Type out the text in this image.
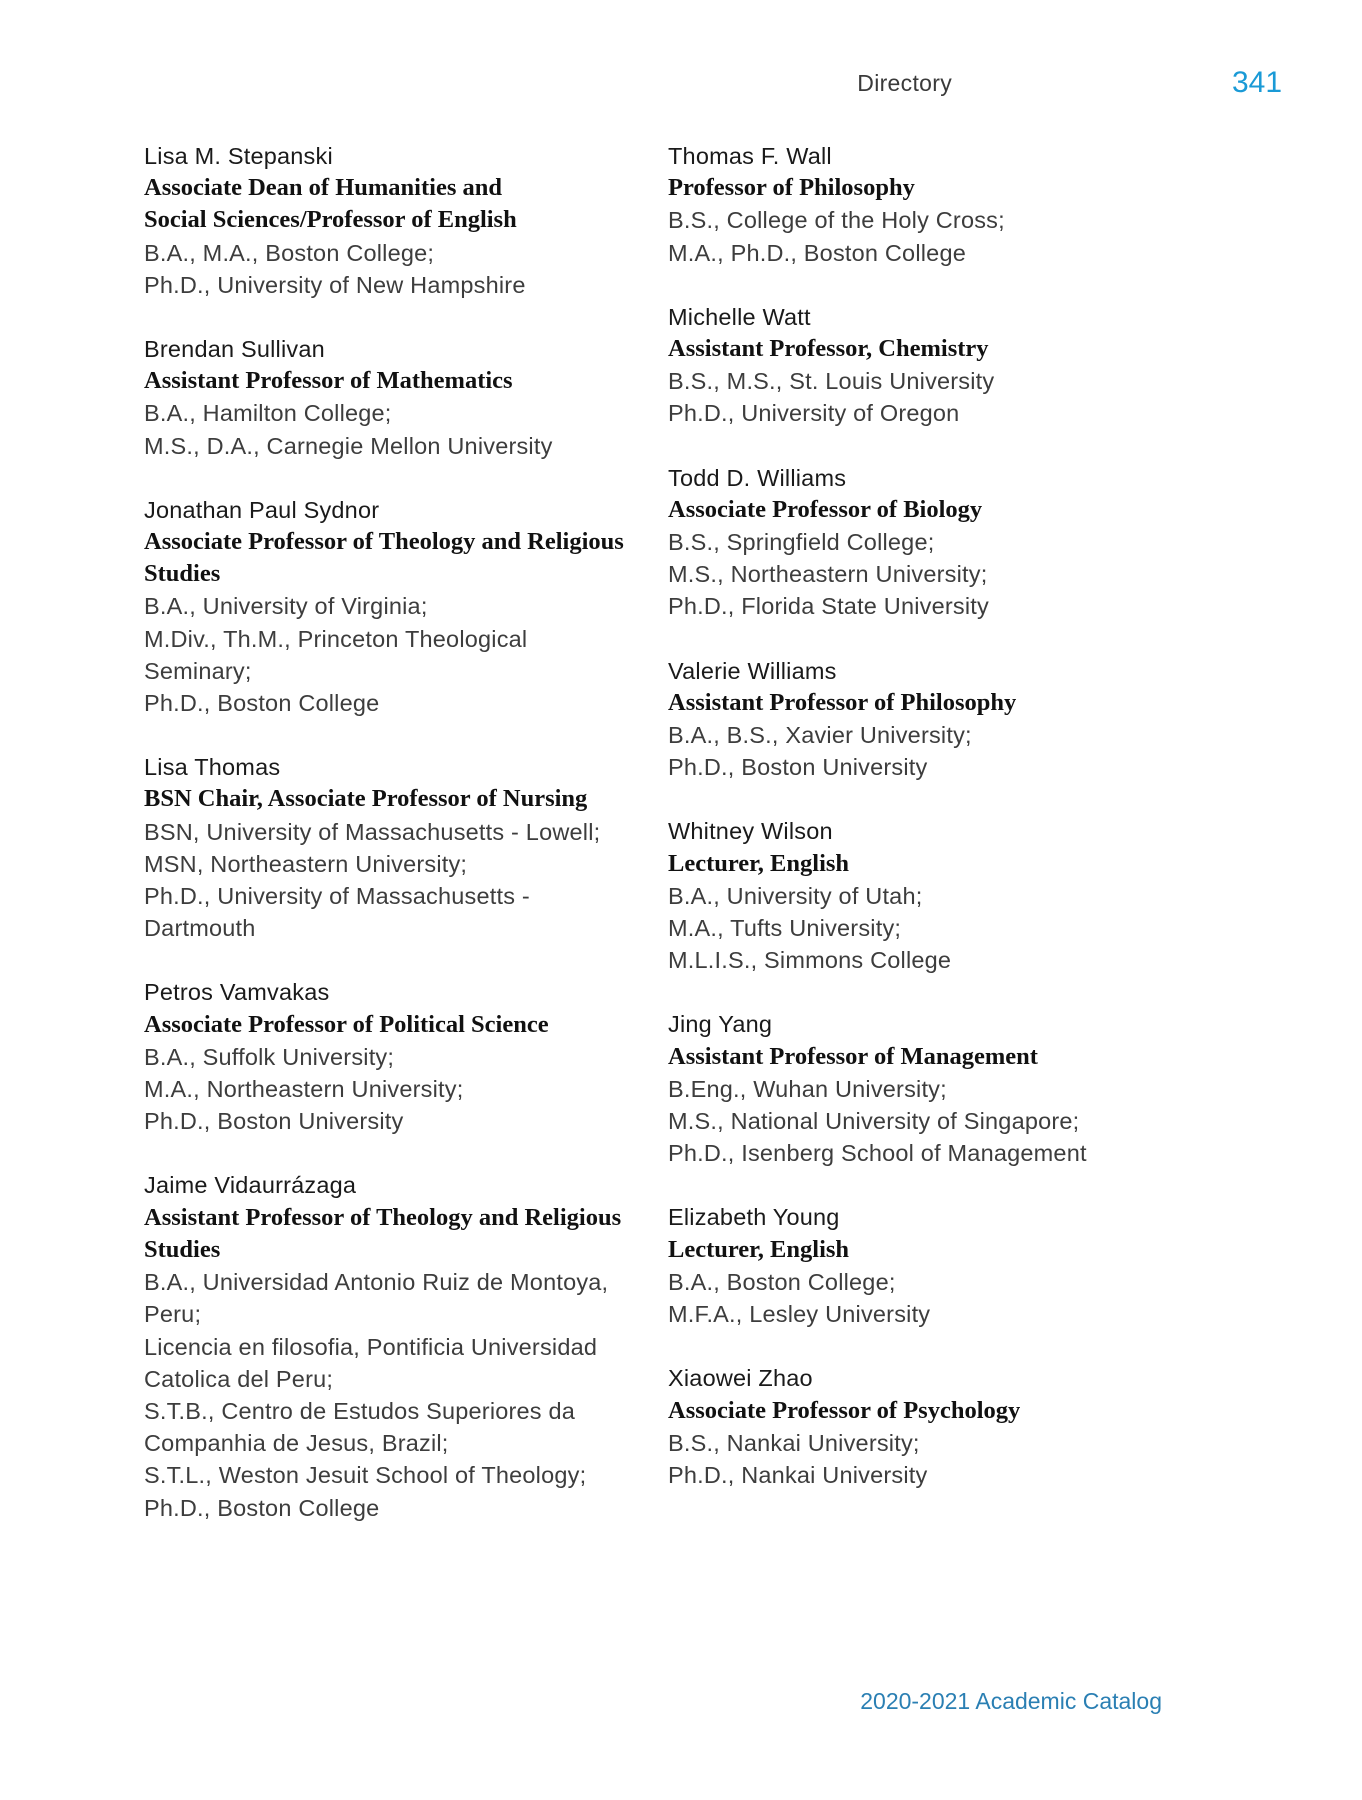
Directory	341
Lisa M. Stepanski
Associate Dean of Humanities and
Social Sciences/Professor of English
B.A., M.A., Boston College;
Ph.D., University of New Hampshire
Brendan Sullivan
Assistant Professor of Mathematics
B.A., Hamilton College;
M.S., D.A., Carnegie Mellon University
Jonathan Paul Sydnor
Associate Professor of Theology and Religious
Studies
B.A., University of Virginia;
M.Div., Th.M., Princeton Theological
Seminary;
Ph.D., Boston College
Lisa Thomas
BSN Chair, Associate Professor of Nursing
BSN, University of Massachusetts - Lowell;
MSN, Northeastern University;
Ph.D., University of Massachusetts -
Dartmouth
Petros Vamvakas
Associate Professor of Political Science
B.A., Suffolk University;
M.A., Northeastern University;
Ph.D., Boston University
Jaime Vidaurrázaga
Assistant Professor of Theology and Religious
Studies
B.A., Universidad Antonio Ruiz de Montoya,
Peru;
Licencia en filosofia, Pontificia Universidad
Catolica del Peru;
S.T.B., Centro de Estudos Superiores da
Companhia de Jesus, Brazil;
S.T.L., Weston Jesuit School of Theology;
Ph.D., Boston College
Thomas F. Wall
Professor of Philosophy
B.S., College of the Holy Cross;
M.A., Ph.D., Boston College
Michelle Watt
Assistant Professor, Chemistry
B.S., M.S., St. Louis University
Ph.D., University of Oregon
Todd D. Williams
Associate Professor of Biology
B.S., Springfield College;
M.S., Northeastern University;
Ph.D., Florida State University
Valerie Williams
Assistant Professor of Philosophy
B.A., B.S., Xavier University;
Ph.D., Boston University
Whitney Wilson
Lecturer, English
B.A., University of Utah;
M.A., Tufts University;
M.L.I.S., Simmons College
Jing Yang
Assistant Professor of Management
B.Eng., Wuhan University;
M.S., National University of Singapore;
Ph.D., Isenberg School of Management
Elizabeth Young
Lecturer, English
B.A., Boston College;
M.F.A., Lesley University
Xiaowei Zhao
Associate Professor of Psychology
B.S., Nankai University;
Ph.D., Nankai University
2020-2021 Academic Catalog
